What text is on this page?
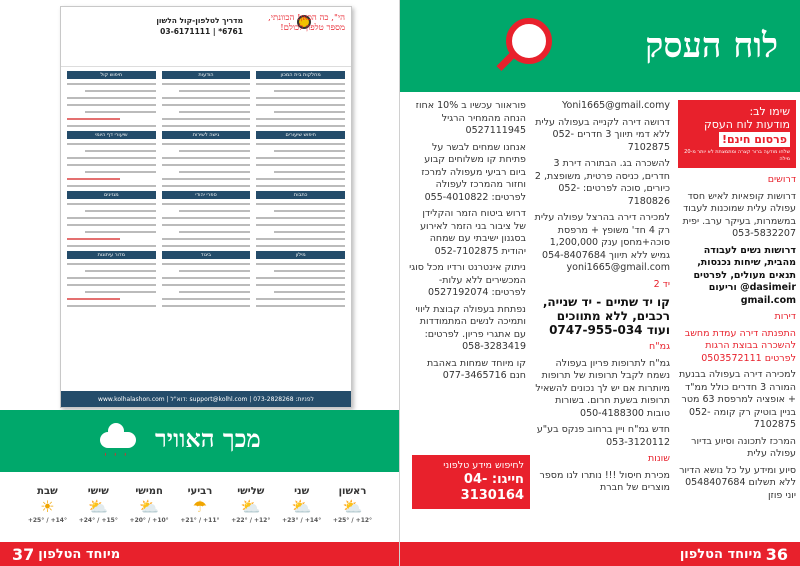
מדריך לטלפון-קול הלשון
6761* | 03-6171111
הי", כה הכאן! הכוונתי, מספר טלפון לכולם!
מחלקות בית המכון
חיפוש שיעורים
כתבות
מילון
הודעות
גישה לשירות
ספרי יהודי
ביגוד
חיפוש קול
שיעורי דף היומי
מגזינים
מדור עיתונות
www.kolhalashon.com | דוא"ל: support@kolhl.com | לפניות: 073-2828268
' ' '
מכך האוויר
ראשון
⛅
+25° / +12°
שני
⛅
+23° / +14°
שלישי
⛅
+22° / +12°
רביעי
☂
+21° / +11°
חמישי
⛅
+20° / +10°
שישי
⛅
+24° / +15°
שבת
☀
+25° / +14°
37 מיוחד הטלפון
לוח העסק
שימו לב:
מודעות לוח העסק
פרסום חינם!
שלחו מודעה ברור קצרה ומתמצתת לא יותר מ-20 מילה
דרושים
דרושות קופאיות לאיש חסד עפולה עלית שמוכנות לעבוד במשמרות, בעיקר ערב. יפית 053-5832207
דרושות נשים לעבודה מהבית, שיחות נכנסות, תנאים מעולים, לפרטים dasimeir@ וריעום gmail.com
דירות
התפנתה דירה עמדת מחשב להשכרה בבוצת הרגות לפרטים 0503572111
למכירה דירה בעפולה בבנעת המורה 3 חדרים כולל ממ"ד + אופציה למרפסת 63 מטר בניין בוטיק רק קומה 052-7102875
המרכז לתכונה וסיוע בדיור עפולה עלית
סיוע ומידע על כל נושא הדיור ללא תשלום 0548407684 יוני פוזן
Yoni1665@gmail.comy
דרושה דירה לקנייה בעפולה עלית ללא דמי תיווך 3 חדרים 052-7102875
להשכרה בג. הבתורה דירת 3 חדרים, כניסה פרטית, משופצת, 2 כיורים, סוכה לפרטים: 052-7180826
למכירה דירה בהרצל עפולה עלית רק 4 חד' משופץ + מרפסת סוכה+מחסן ענק 1,200,000 גמיש ללא תיווך 054-8407684 yoni1665@gmail.com
יד 2
קו יד שתיים - יד שנייה, רכבים, ללא מתווכים ועוד 0747-955-034
גמ"ח
גמ"ח לתרופות פריון בעפולה נשמח לקבל תרופות של תרופות מיותרות אם יש לך נכונים להשאיל תרופות בשעת חרום. בשורות טובות 050-4188300
חדש גמ"ח ויין ברחוב פנקס בע"ע 053-3120112
שונות
מכירת חיסול !!! נותרו לנו מספר מוצרים של חברת
פוראוור עכשיו ב 10% אחוז הנחה מהמחיר הרגיל 0527111945
אנחנו שמחים לבשר על פתיחת קו משלוחים קבוע ביום רביעי מעפולה למרכז וחזור מהמרכז לעפולה לפרטים: 055-4010822
דרוש ביטוח הזמר והקלידן של ציבור בני הזמר לאירוע בסגנון ישיבתי עם שמחה יהודית 052-7102875
ניתוק אינטרנט ורדיו מכל סוגי המכשירים ללא עלות- לפרטים: 0527192074
נפתחת בעפולה קבוצת ליווי ותמיכה לנשים המתמודדות עם אתגרי פריון. לפרטים: 058-3283419
קו מיוחד שמחות באהבת חנם 077-3465716
לחיפוש מידע טלפוני
חייגו: 04-3130164
מיוחד הטלפון 36
